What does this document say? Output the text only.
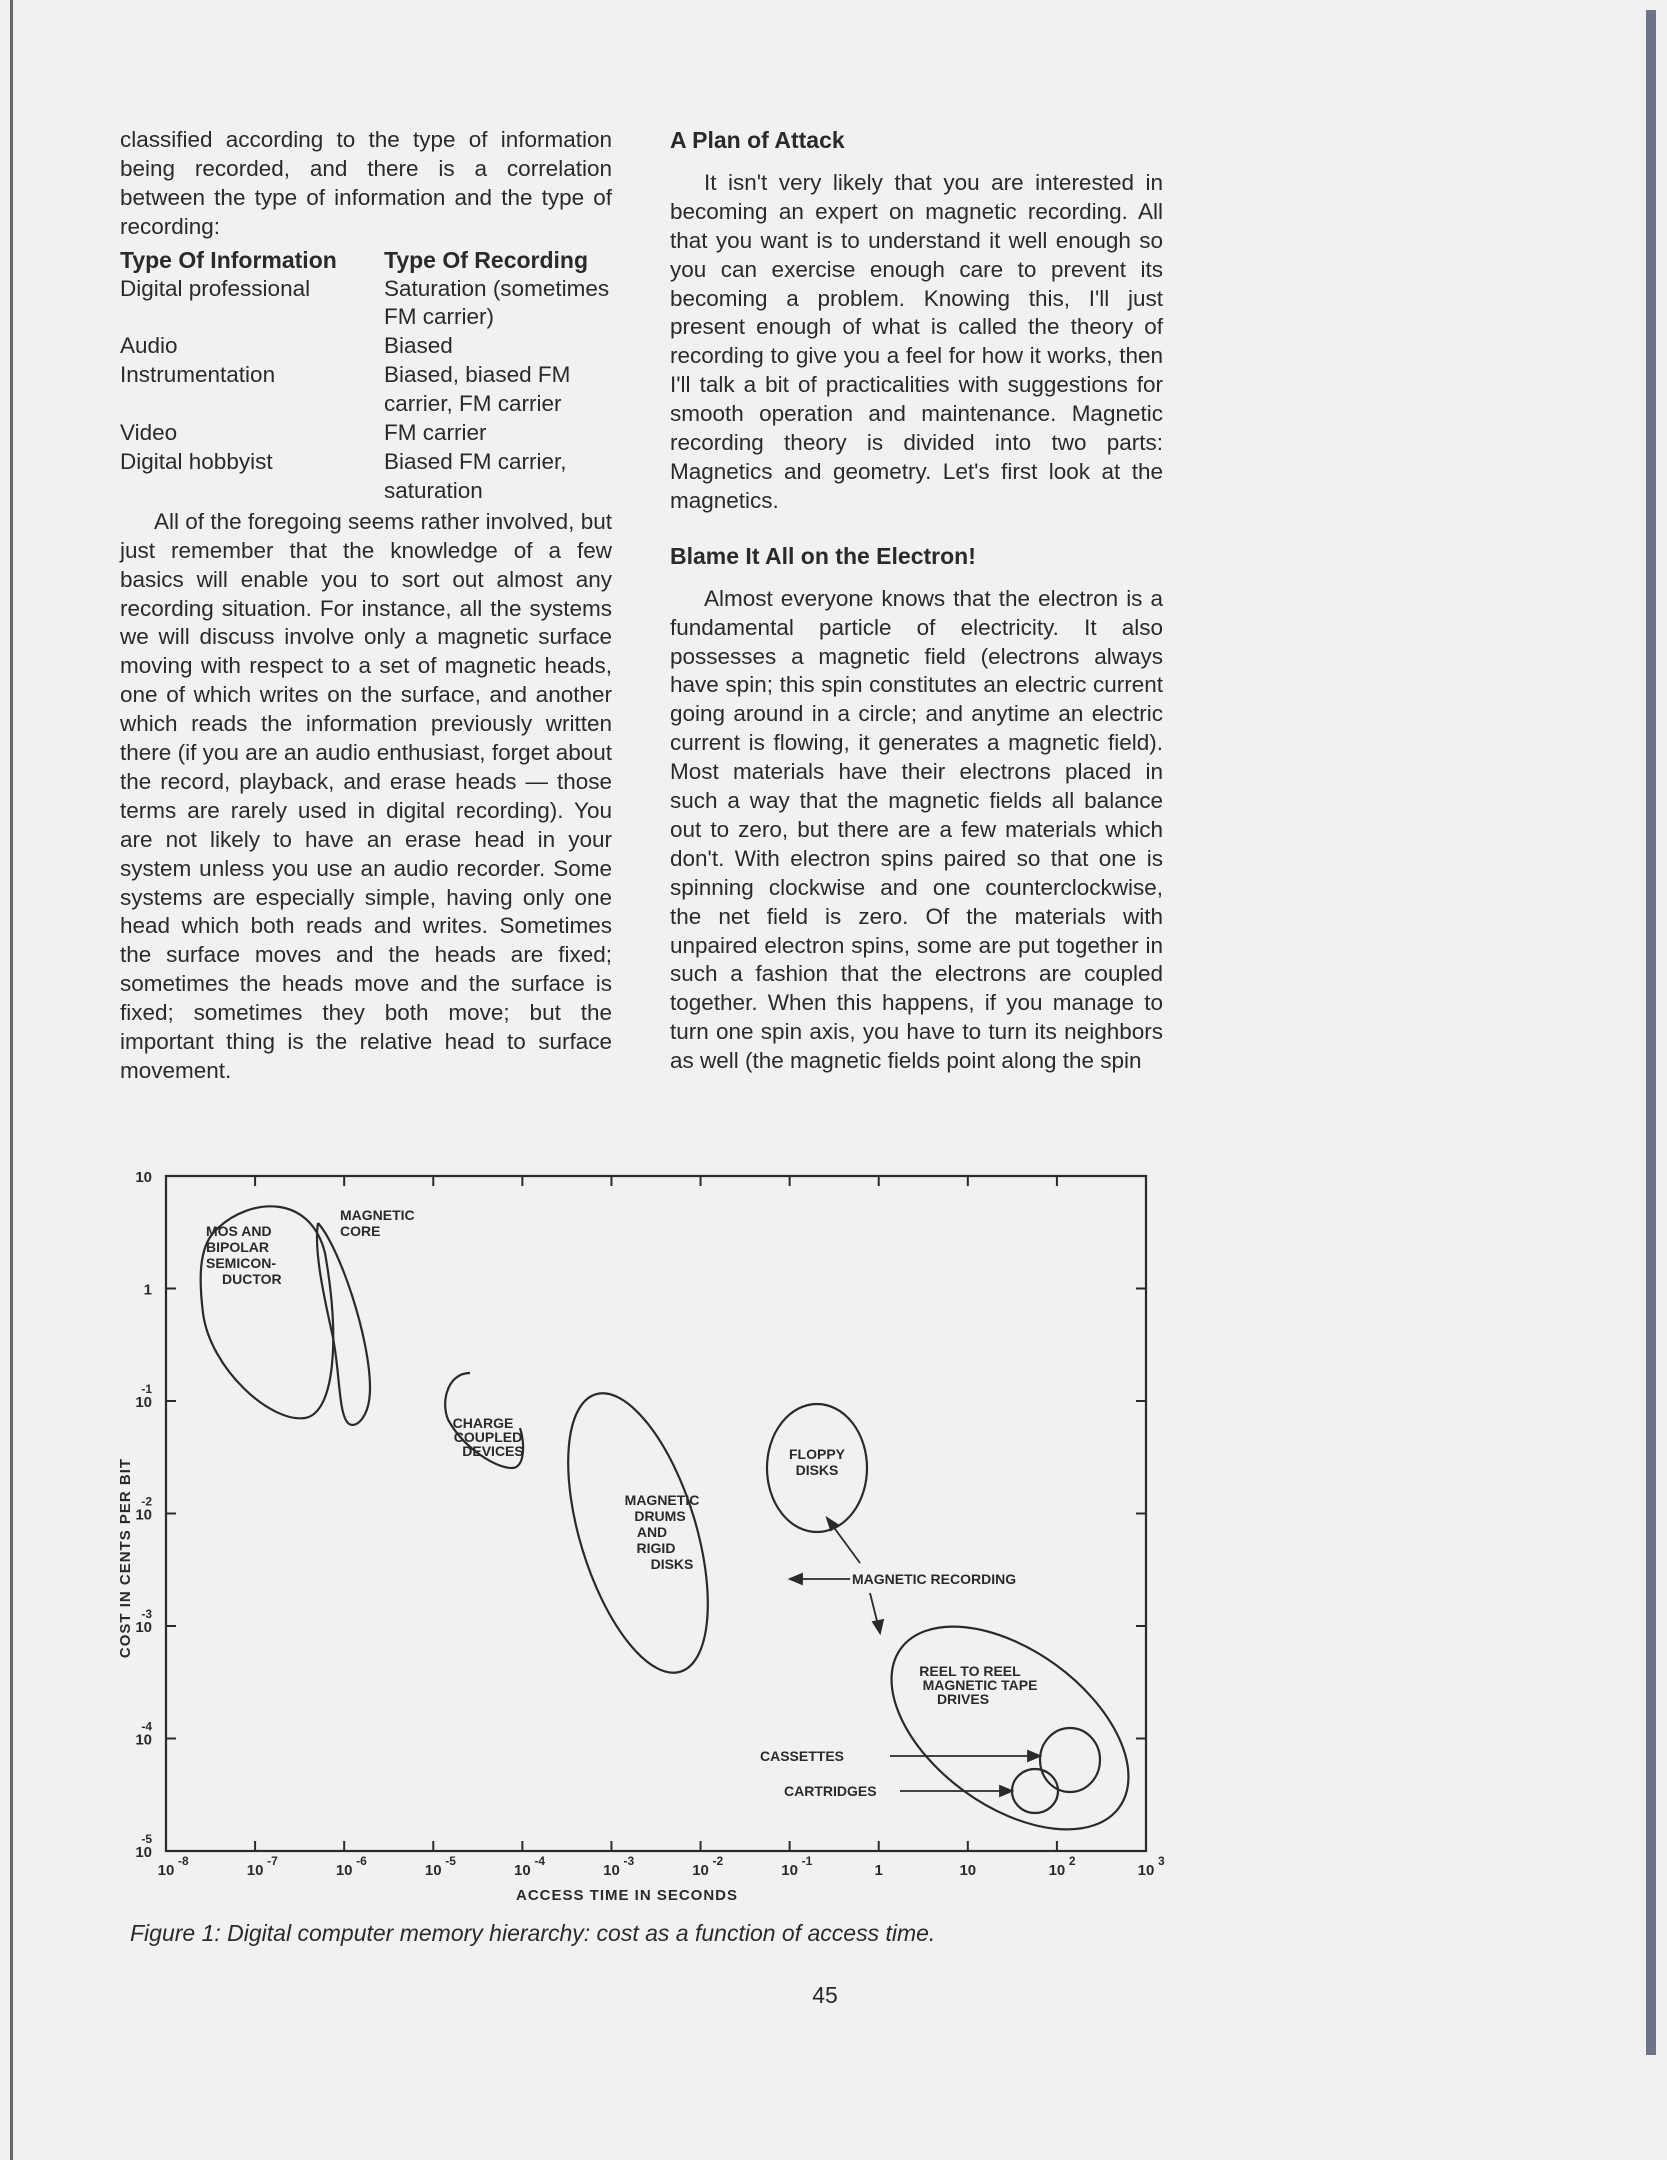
classified according to the type of information being recorded, and there is a correlation between the type of information and the type of recording:

Type Of Information	Type Of Recording
Digital professional	Saturation (sometimes FM carrier)
Audio	Biased
Instrumentation	Biased, biased FM carrier, FM carrier
Video	FM carrier
Digital hobbyist	Biased FM carrier, saturation

All of the foregoing seems rather involved, but just remember that the knowledge of a few basics will enable you to sort out almost any recording situation. For instance, all the systems we will discuss involve only a magnetic surface moving with respect to a set of magnetic heads, one of which writes on the surface, and another which reads the information previously written there (if you are an audio enthusiast, forget about the record, playback, and erase heads — those terms are rarely used in digital recording). You are not likely to have an erase head in your system unless you use an audio recorder. Some systems are especially simple, having only one head which both reads and writes. Sometimes the surface moves and the heads are fixed; sometimes the heads move and the surface is fixed; sometimes they both move; but the important thing is the relative head to surface movement.

A Plan of Attack

It isn't very likely that you are interested in becoming an expert on magnetic recording. All that you want is to understand it well enough so you can exercise enough care to prevent its becoming a problem. Knowing this, I'll just present enough of what is called the theory of recording to give you a feel for how it works, then I'll talk a bit of practicalities with suggestions for smooth operation and maintenance. Magnetic recording theory is divided into two parts: Magnetics and geometry. Let's first look at the magnetics.

Blame It All on the Electron!

Almost everyone knows that the electron is a fundamental particle of electricity. It also possesses a magnetic field (electrons always have spin; this spin constitutes an electric current going around in a circle; and anytime an electric current is flowing, it generates a magnetic field). Most materials have their electrons placed in such a way that the magnetic fields all balance out to zero, but there are a few materials which don't. With electron spins paired so that one is spinning clockwise and one counterclockwise, the net field is zero. Of the materials with unpaired electron spins, some are put together in such a fashion that the electrons are coupled together. When this happens, if you manage to turn one spin axis, you have to turn its neighbors as well (the magnetic fields point along the spin

10
1
10
-1
10
-2
10
-3
10
-4
10
-5
10
-8
10
-7
10
-6
10
-5
10
-4
10
-3
10
-2
10
-1
1	10	10
2
10
3
COST IN CENTS PER BIT
ACCESS TIME IN SECONDS
MOS AND
BIPOLAR
SEMICON-
DUCTOR
MAGNETIC
CORE
CHARGE
COUPLED
DEVICES
MAGNETIC
DRUMS
AND
RIGID
DISKS
FLOPPY
DISKS
MAGNETIC RECORDING
REEL TO REEL
MAGNETIC TAPE
DRIVES
CASSETTES
CARTRIDGES
Figure 1: Digital computer memory hierarchy: cost as a function of access time.
45
